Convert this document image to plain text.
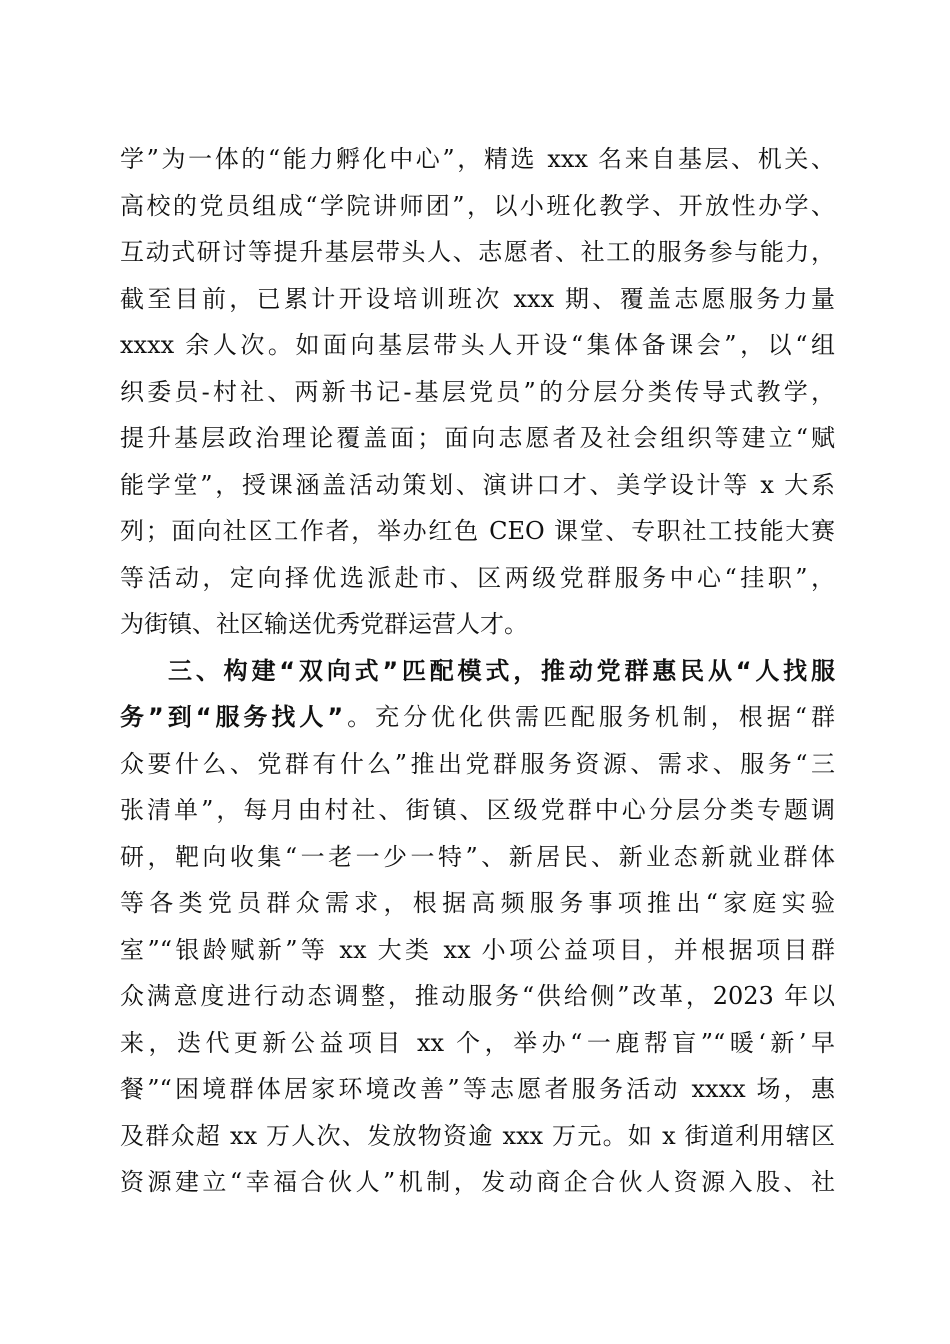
学”为一体的“能力孵化中心”，精选 xxx 名来自基层、机关、
高校的党员组成“学院讲师团”，以小班化教学、开放性办学、
互动式研讨等提升基层带头人、志愿者、社工的服务参与能力，
截至目前，已累计开设培训班次 xxx 期、覆盖志愿服务力量
xxxx 余人次。如面向基层带头人开设“集体备课会”，以“组
织委员-村社、两新书记-基层党员”的分层分类传导式教学，
提升基层政治理论覆盖面；面向志愿者及社会组织等建立“赋
能学堂”，授课涵盖活动策划、演讲口才、美学设计等 x 大系
列；面向社区工作者，举办红色 CEO 课堂、专职社工技能大赛
等活动，定向择优选派赴市、区两级党群服务中心“挂职”，
为街镇、社区输送优秀党群运营人才。
三、构建“双向式”匹配模式，推动党群惠民从“人找服
务”到“服务找人”。充分优化供需匹配服务机制，根据“群
众要什么、党群有什么”推出党群服务资源、需求、服务“三
张清单”，每月由村社、街镇、区级党群中心分层分类专题调
研，靶向收集“一老一少一特”、新居民、新业态新就业群体
等各类党员群众需求，根据高频服务事项推出“家庭实验
室”“银龄赋新”等 xx 大类 xx 小项公益项目，并根据项目群
众满意度进行动态调整，推动服务“供给侧”改革，2023 年以
来，迭代更新公益项目 xx 个，举办“一鹿帮盲”“暖‘新’早
餐”“困境群体居家环境改善”等志愿者服务活动 xxxx 场，惠
及群众超 xx 万人次、发放物资逾 xxx 万元。如 x 街道利用辖区
资源建立“幸福合伙人”机制，发动商企合伙人资源入股、社
